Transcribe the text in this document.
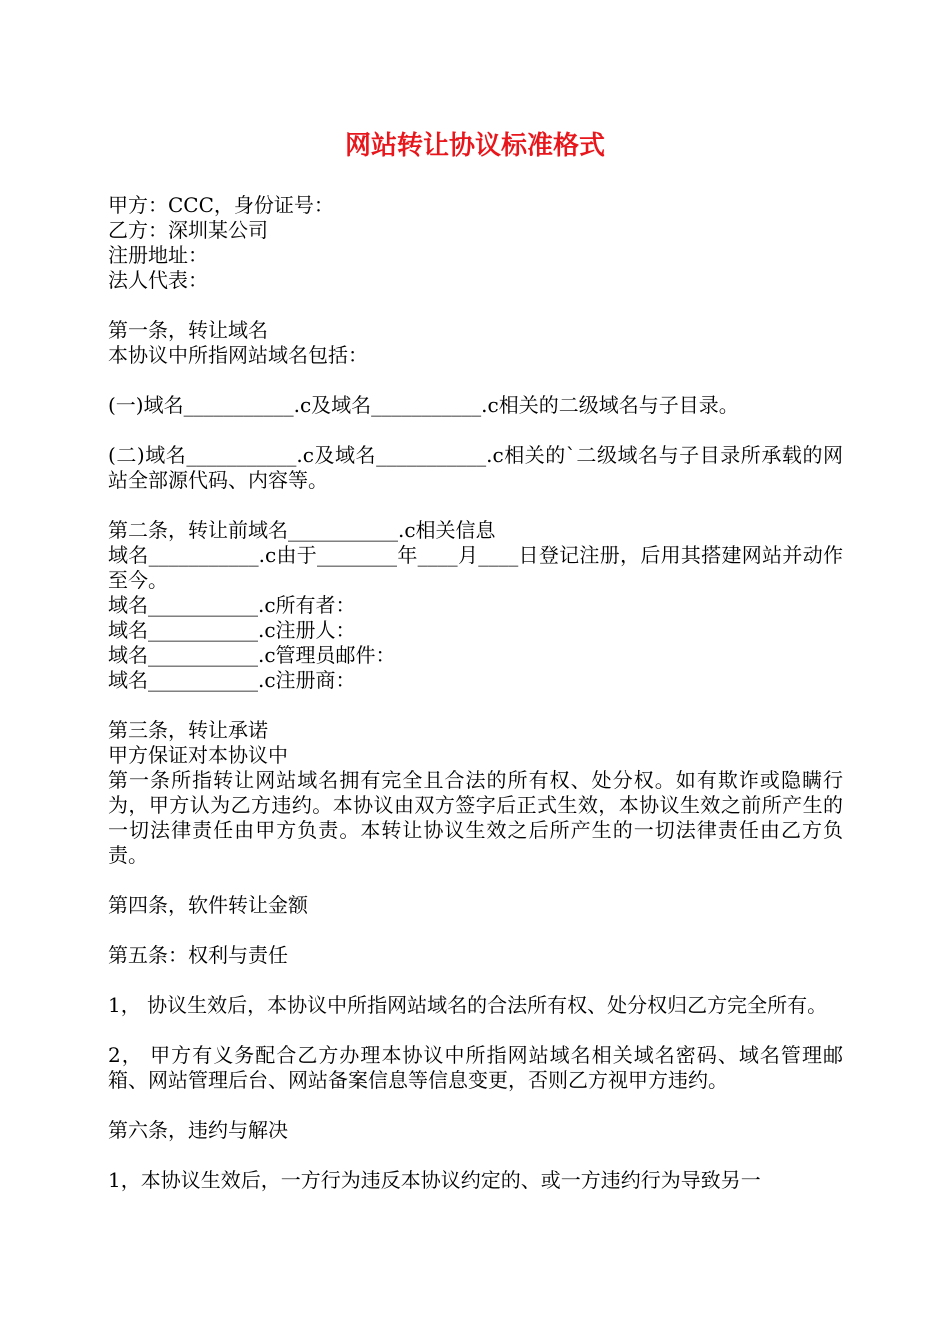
网站转让协议标准格式

甲方：CCC，身份证号：

乙方：深圳某公司

注册地址：

法人代表：

第一条，转让域名

本协议中所指网站域名包括：

(一)域名___________.c及域名___________.c相关的二级域名与子目录。

(二)域名___________.c及域名___________.c相关的`二级域名与子目录所承载的网站全部源代码、内容等。

第二条，转让前域名___________.c相关信息

域名___________.c由于________年____月____日登记注册，后用其搭建网站并动作至今。

域名___________.c所有者：

域名___________.c注册人：

域名___________.c管理员邮件：

域名___________.c注册商：

第三条，转让承诺

甲方保证对本协议中

第一条所指转让网站域名拥有完全且合法的所有权、处分权。如有欺诈或隐瞒行为，甲方认为乙方违约。本协议由双方签字后正式生效，本协议生效之前所产生的一切法律责任由甲方负责。本转让协议生效之后所产生的一切法律责任由乙方负责。

第四条，软件转让金额

第五条：权利与责任

1， 协议生效后，本协议中所指网站域名的合法所有权、处分权归乙方完全所有。

2， 甲方有义务配合乙方办理本协议中所指网站域名相关域名密码、域名管理邮箱、网站管理后台、网站备案信息等信息变更，否则乙方视甲方违约。

第六条，违约与解决

1，本协议生效后，一方行为违反本协议约定的、或一方违约行为导致另一
